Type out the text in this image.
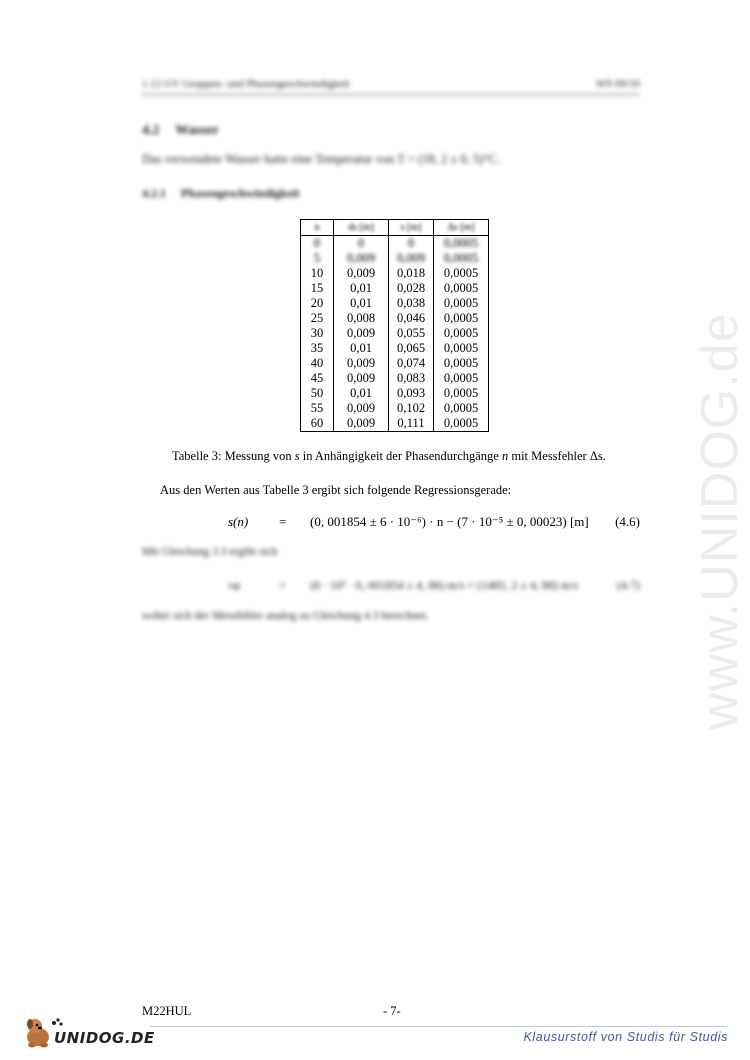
1.12 GV Gruppen- und Phasengeschwindigkeit	WS 09/10
4.2 Wasser
Das verwendete Wasser hatte eine Temperatur von T = (18, 2 ± 0, 5)°C.
4.2.1 Phasengeschwindigkeit
n	ds [m]	s [m]	Δs [m]
0	0	0	0,0005
5	0,009	0,009	0,0005
10	0,009	0,018	0,0005
15	0,01	0,028	0,0005
20	0,01	0,038	0,0005
25	0,008	0,046	0,0005
30	0,009	0,055	0,0005
35	0,01	0,065	0,0005
40	0,009	0,074	0,0005
45	0,009	0,083	0,0005
50	0,01	0,093	0,0005
55	0,009	0,102	0,0005
60	0,009	0,111	0,0005
Tabelle 3: Messung von s in Anhängigkeit der Phasendurchgänge n mit Messfehler Δs.
Aus den Werten aus Tabelle 3 ergibt sich folgende Regressionsgerade:
s(n) = (0, 001854 ± 6 · 10⁻⁶) · n − (7 · 10⁻⁵ ± 0, 00023) [m] (4.6)
Mit Gleichung 3.3 ergibt sich
vφ	= (8 · 10³ · 0, 001854 ± 4, 88) m/s = (1485, 2 ± 4, 88) m/s	(4.7)
wobei sich der Messfehler analog zu Gleichung 4.3 berechnet.	www.UNIDOG.de
M22HUL	- 7-
UNIDOG.DE	Klausurstoff von Studis für Studis
